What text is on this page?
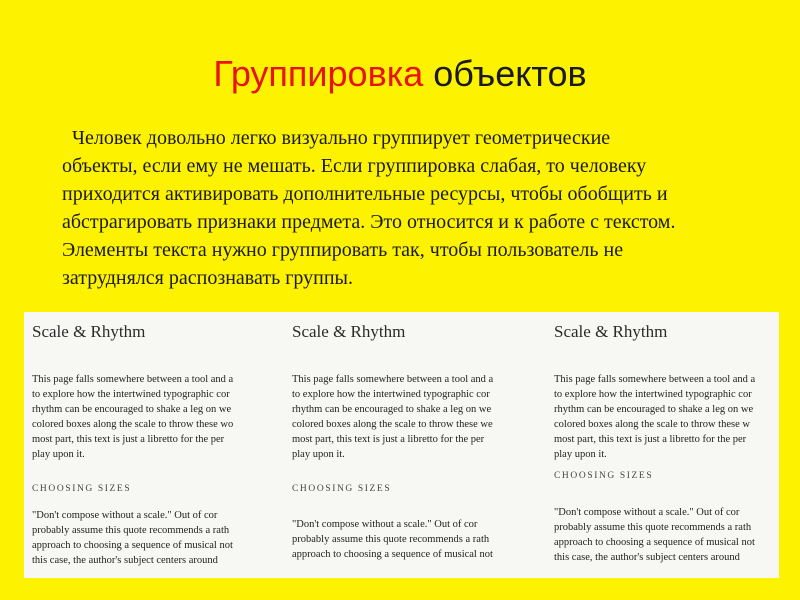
Группировка объектов
Человек довольно легко визуально группирует геометрические
объекты, если ему не мешать. Если группировка слабая, то человеку
приходится активировать дополнительные ресурсы, чтобы обобщить и
абстрагировать признаки предмета. Это относится и к работе с текстом.
Элементы текста нужно группировать так, чтобы пользователь не
затруднялся распознавать группы.
Scale & Rhythm
This page falls somewhere between a tool and a
to explore how the intertwined typographic cor
rhythm can be encouraged to shake a leg on we
colored boxes along the scale to throw these wo
most part, this text is just a libretto for the per
play upon it.
CHOOSING SIZES
"Don't compose without a scale." Out of cor
probably assume this quote recommends a rath
approach to choosing a sequence of musical not
this case, the author's subject centers around
Scale & Rhythm
This page falls somewhere between a tool and a
to explore how the intertwined typographic cor
rhythm can be encouraged to shake a leg on we
colored boxes along the scale to throw these we
most part, this text is just a libretto for the per
play upon it.
CHOOSING SIZES
"Don't compose without a scale." Out of cor
probably assume this quote recommends a rath
approach to choosing a sequence of musical not
Scale & Rhythm
This page falls somewhere between a tool and a
to explore how the intertwined typographic cor
rhythm can be encouraged to shake a leg on we
colored boxes along the scale to throw these w
most part, this text is just a libretto for the per
play upon it.
CHOOSING SIZES
"Don't compose without a scale." Out of cor
probably assume this quote recommends a rath
approach to choosing a sequence of musical not
this case, the author's subject centers around
